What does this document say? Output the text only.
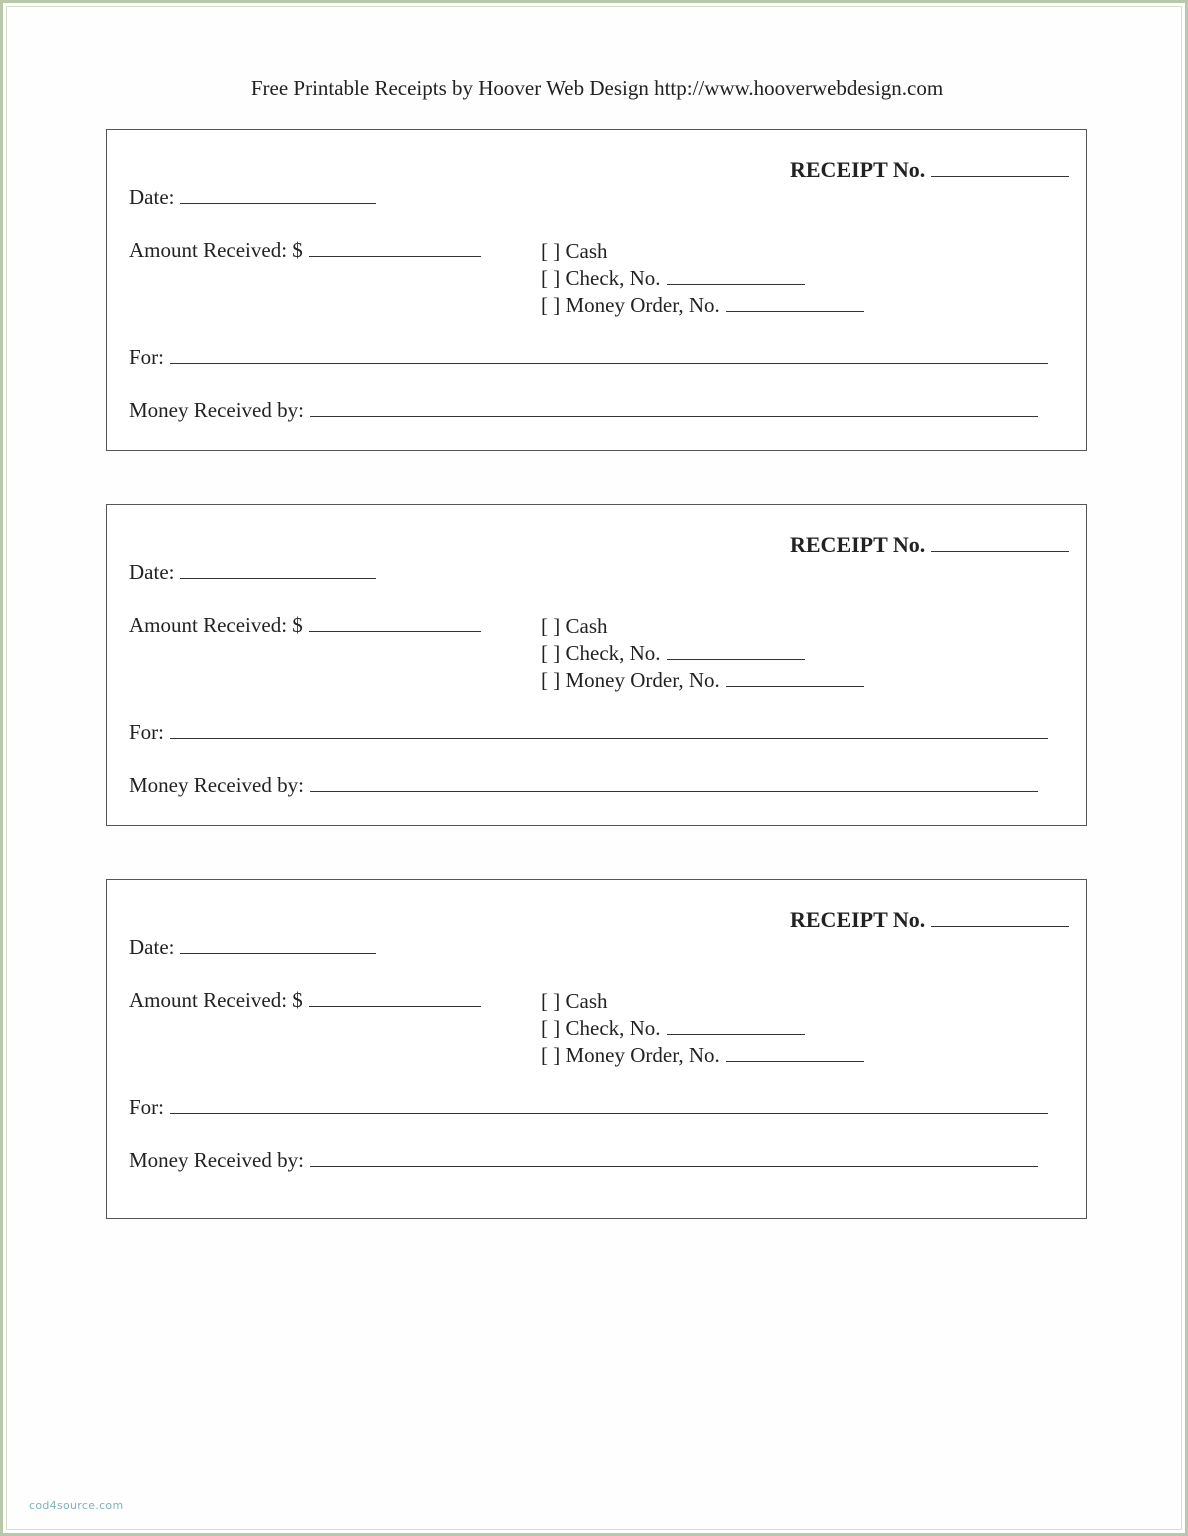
Free Printable Receipts by Hoover Web Design http://www.hooverwebdesign.com
RECEIPT No.
Date:
Amount Received: $	[ ] Cash
[ ] Check, No.
[ ] Money Order, No.
For:
Money Received by:
RECEIPT No.
Date:
Amount Received: $	[ ] Cash
[ ] Check, No.
[ ] Money Order, No.
For:
Money Received by:
RECEIPT No.
Date:
Amount Received: $	[ ] Cash
[ ] Check, No.
[ ] Money Order, No.
For:
Money Received by:
cod4source.com
